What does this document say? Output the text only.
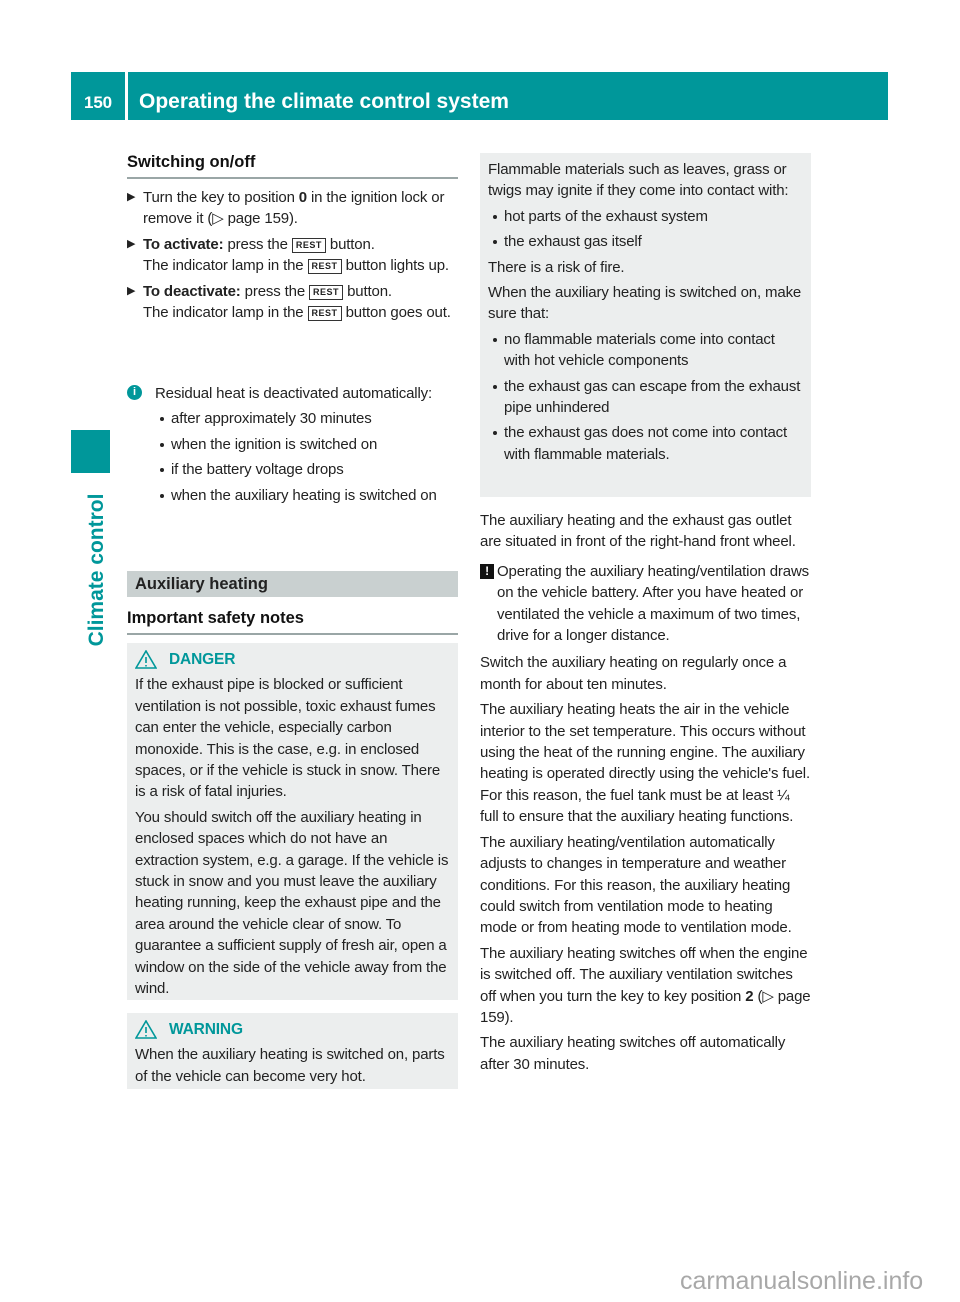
150	Operating the climate control system
Climate control
Switching on/off
▶ Turn the key to position 0 in the ignition lock or remove it (▷ page 159).
▶ To activate: press the REST button.
The indicator lamp in the REST button lights up.
▶ To deactivate: press the REST button.
The indicator lamp in the REST button goes out.
i	Residual heat is deactivated automatically:

after approximately 30 minutes
when the ignition is switched on
if the battery voltage drops
when the auxiliary heating is switched on
Auxiliary heating
Important safety notes
DANGER

If the exhaust pipe is blocked or sufficient ventilation is not possible, toxic exhaust fumes can enter the vehicle, especially carbon monoxide. This is the case, e.g. in enclosed spaces, or if the vehicle is stuck in snow. There is a risk of fatal injuries.

You should switch off the auxiliary heating in enclosed spaces which do not have an extraction system, e.g. a garage. If the vehicle is stuck in snow and you must leave the auxiliary heating running, keep the exhaust pipe and the area around the vehicle clear of snow. To guarantee a sufficient supply of fresh air, open a window on the side of the vehicle away from the wind.

WARNING

When the auxiliary heating is switched on, parts of the vehicle can become very hot.

Flammable materials such as leaves, grass or twigs may ignite if they come into contact with:

hot parts of the exhaust system
the exhaust gas itself

There is a risk of fire.

When the auxiliary heating is switched on, make sure that:

no flammable materials come into contact with hot vehicle components
the exhaust gas can escape from the exhaust pipe unhindered
the exhaust gas does not come into contact with flammable materials.

The auxiliary heating and the exhaust gas outlet are situated in front of the right-hand front wheel.

! Operating the auxiliary heating/ventilation draws on the vehicle battery. After you have heated or ventilated the vehicle a maximum of two times, drive for a longer distance.

Switch the auxiliary heating on regularly once a month for about ten minutes.

The auxiliary heating heats the air in the vehicle interior to the set temperature. This occurs without using the heat of the running engine. The auxiliary heating is operated directly using the vehicle's fuel. For this reason, the fuel tank must be at least ¼ full to ensure that the auxiliary heating functions.

The auxiliary heating/ventilation automatically adjusts to changes in temperature and weather conditions. For this reason, the auxiliary heating could switch from ventilation mode to heating mode or from heating mode to ventilation mode.

The auxiliary heating switches off when the engine is switched off. The auxiliary ventilation switches off when you turn the key to key position 2 (▷ page 159).

The auxiliary heating switches off automatically after 30 minutes.

carmanualsonline.info
